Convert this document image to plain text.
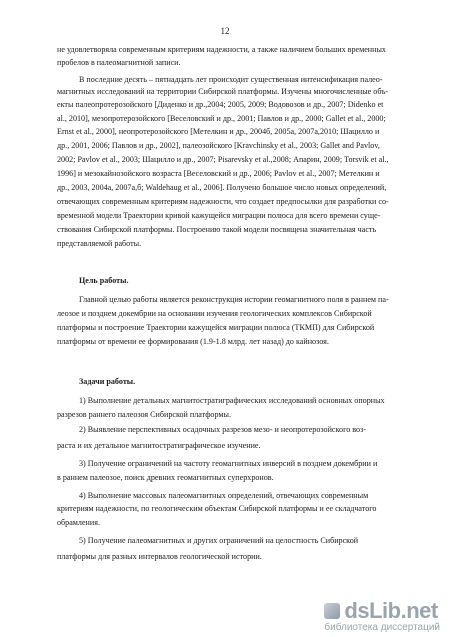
12
не удовлетворяла современным критериям надежности, а также наличием больших временных
пробелов в палеомагнитной записи.
В последние десять – пятнадцать лет происходит существенная интенсификация палео-
магнитных исследований на территории Сибирской платформы. Изучены многочисленные объ-
екты палеопротерозойского [Диденко и др.,2004; 2005, 2009; Водовозов и др., 2007; Didenko et
al., 2010], мезопротерозойского [Веселовский и др., 2001; Павлов и др., 2000; Gallet et al., 2000;
Ernst et al., 2000], неопротерозойского [Метелкин и др., 2004б, 2005а, 2007а,2010; Шацилло и
др., 2001, 2006; Павлов и др., 2002], палеозойского [Kravchinsky et al., 2003; Gallet and Pavlov,
2002; Pavlov et al., 2003; Шацилло и др., 2007; Pisarevsky et al.,2008; Апарин, 2009; Torsvik et al.,
1996] и мезокайнозойского возраста [Веселовский и др., 2006; Pavlov et al., 2007; Метелкин и
др., 2003, 2004а, 2007а,б; Waldehaug et al., 2006]. Получено большое число новых определений,
отвечающих современным критериям надежности, что создает предпосылки для разработки со-
временной модели Траектории кривой кажущейся миграции полюса для всего времени суще-
ствования Сибирской платформы. Построению такой модели посвящена значительная часть
представляемой работы.
Цель работы.
Главной целью работы является реконструкция истории геомагнитного поля в раннем па-
леозое и позднем докембрии на основании изучения геологических комплексов Сибирской
платформы и построение Траектории кажущейся миграции полюса (ТКМП) для Сибирской
платформы от времени ее формирования (1.9-1.8 млрд. лет назад) до кайнозоя.
Задачи работы.
1) Выполнение детальных магнитостратиграфических исследований основных опорных
разрезов раннего палеозоя Сибирской платформы.
2) Выявление перспективных осадочных разрезов мезо- и неопротерозойского воз-
раста и их детальное магнитостратиграфическое изучение.
3) Получение ограничений на частоту геомагнитных инверсий в позднем докембрии и
в раннем палеозое, поиск древних геомагнитных суперхронов.
4) Выполнение массовых палеомагнитных определений, отвечающих современным
критериям надежности, по геологическим объектам Сибирской платформы и ее складчатого
обрамления.
5) Получение палеомагнитных и других ограничений на целостность Сибирской
платформы для разных интервалов геологической истории.
dsLib.net
библиотека диссертаций
